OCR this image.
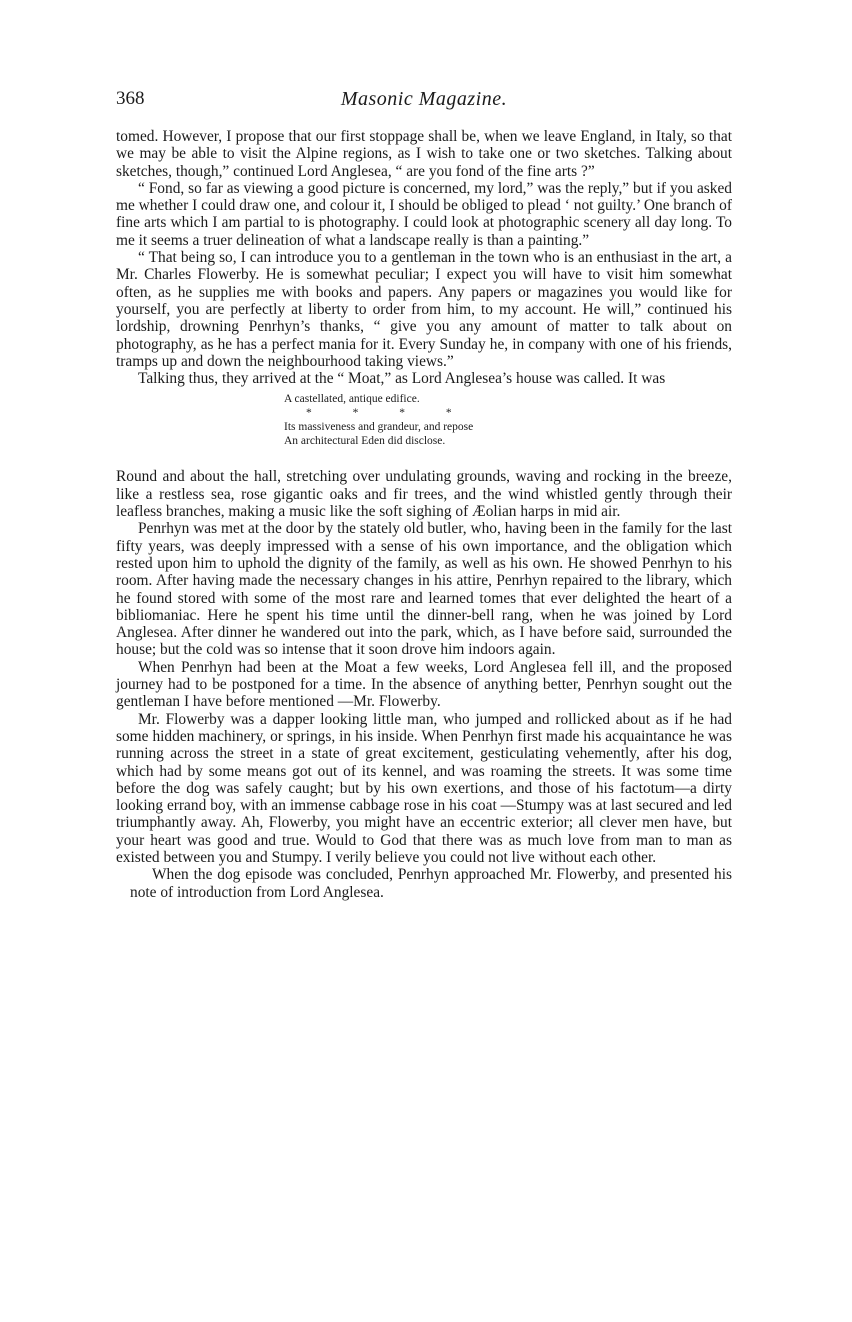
368	Masonic Magazine.

tomed. However, I propose that our first stoppage shall be, when we leave England, in Italy, so that we may be able to visit the Alpine regions, as I wish to take one or two sketches. Talking about sketches, though,” continued Lord Anglesea, “ are you fond of the fine arts ?”

“ Fond, so far as viewing a good picture is concerned, my lord,” was the reply,” but if you asked me whether I could draw one, and colour it, I should be obliged to plead ‘ not guilty.’ One branch of fine arts which I am partial to is photography. I could look at photographic scenery all day long. To me it seems a truer delineation of what a landscape really is than a painting.”

“ That being so, I can introduce you to a gentleman in the town who is an enthusiast in the art, a Mr. Charles Flowerby. He is somewhat peculiar; I expect you will have to visit him somewhat often, as he supplies me with books and papers. Any papers or magazines you would like for yourself, you are perfectly at liberty to order from him, to my account. He will,” continued his lordship, drowning Penrhyn’s thanks, “ give you any amount of matter to talk about on photography, as he has a perfect mania for it. Every Sunday he, in company with one of his friends, tramps up and down the neighbourhood taking views.”

Talking thus, they arrived at the “ Moat,” as Lord Anglesea’s house was called. It was

A castellated, antique edifice.
* * * *
Its massiveness and grandeur, and repose
An architectural Eden did disclose.

Round and about the hall, stretching over undulating grounds, waving and rocking in the breeze, like a restless sea, rose gigantic oaks and fir trees, and the wind whistled gently through their leafless branches, making a music like the soft sighing of Æolian harps in mid air.

Penrhyn was met at the door by the stately old butler, who, having been in the family for the last fifty years, was deeply impressed with a sense of his own importance, and the obligation which rested upon him to uphold the dignity of the family, as well as his own. He showed Penrhyn to his room. After having made the necessary changes in his attire, Penrhyn repaired to the library, which he found stored with some of the most rare and learned tomes that ever delighted the heart of a bibliomaniac. Here he spent his time until the dinner-bell rang, when he was joined by Lord Anglesea. After dinner he wandered out into the park, which, as I have before said, surrounded the house; but the cold was so intense that it soon drove him indoors again.

When Penrhyn had been at the Moat a few weeks, Lord Anglesea fell ill, and the proposed journey had to be postponed for a time. In the absence of anything better, Penrhyn sought out the gentleman I have before mentioned —Mr. Flowerby.

Mr. Flowerby was a dapper looking little man, who jumped and rollicked about as if he had some hidden machinery, or springs, in his inside. When Penrhyn first made his acquaintance he was running across the street in a state of great excitement, gesticulating vehemently, after his dog, which had by some means got out of its kennel, and was roaming the streets. It was some time before the dog was safely caught; but by his own exertions, and those of his factotum—a dirty looking errand boy, with an immense cabbage rose in his coat —Stumpy was at last secured and led triumphantly away. Ah, Flowerby, you might have an eccentric exterior; all clever men have, but your heart was good and true. Would to God that there was as much love from man to man as existed between you and Stumpy. I verily believe you could not live without each other.

When the dog episode was concluded, Penrhyn approached Mr. Flowerby, and presented his note of introduction from Lord Anglesea.
